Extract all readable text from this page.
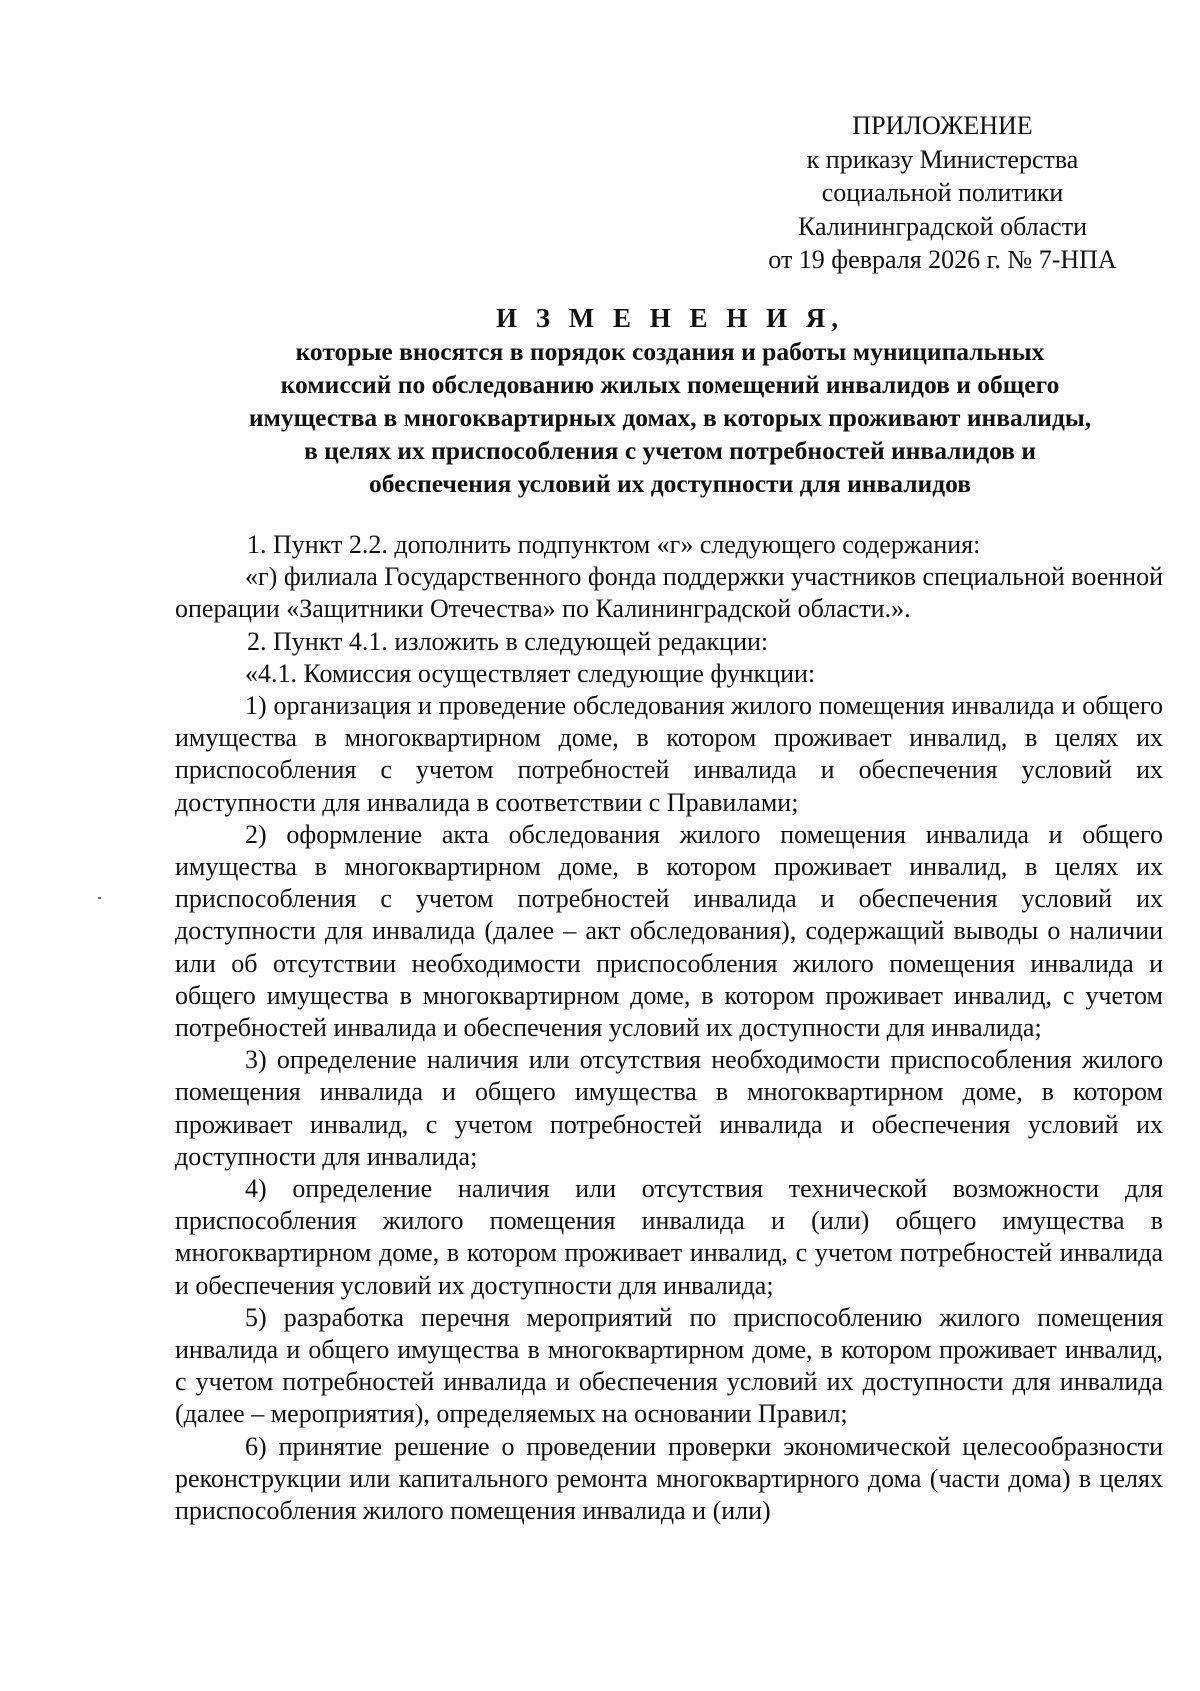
ПРИЛОЖЕНИЕ
к приказу Министерства
социальной политики
Калининградской области
от 19 февраля 2026 г. № 7-НПА
И З М Е Н Е Н И Я,
которые вносятся в порядок создания и работы муниципальных
комиссий по обследованию жилых помещений инвалидов и общего
имущества в многоквартирных домах, в которых проживают инвалиды,
в целях их приспособления с учетом потребностей инвалидов и
обеспечения условий их доступности для инвалидов

1. Пункт 2.2. дополнить подпунктом «г» следующего содержания:

«г) филиала Государственного фонда поддержки участников специальной военной операции «Защитники Отечества» по Калининградской области.».

2. Пункт 4.1. изложить в следующей редакции:

«4.1. Комиссия осуществляет следующие функции:

1) организация и проведение обследования жилого помещения инвалида и общего имущества в многоквартирном доме, в котором проживает инвалид, в целях их приспособления с учетом потребностей инвалида и обеспечения условий их доступности для инвалида в соответствии с Правилами;

2) оформление акта обследования жилого помещения инвалида и общего имущества в многоквартирном доме, в котором проживает инвалид, в целях их приспособления с учетом потребностей инвалида и обеспечения условий их доступности для инвалида (далее – акт обследования), содержащий выводы о наличии или об отсутствии необходимости приспособления жилого помещения инвалида и общего имущества в многоквартирном доме, в котором проживает инвалид, с учетом потребностей инвалида и обеспечения условий их доступности для инвалида;

3) определение наличия или отсутствия необходимости приспособления жилого помещения инвалида и общего имущества в многоквартирном доме, в котором проживает инвалид, с учетом потребностей инвалида и обеспечения условий их доступности для инвалида;

4) определение наличия или отсутствия технической возможности для приспособления жилого помещения инвалида и (или) общего имущества в многоквартирном доме, в котором проживает инвалид, с учетом потребностей инвалида и обеспечения условий их доступности для инвалида;

5) разработка перечня мероприятий по приспособлению жилого помещения инвалида и общего имущества в многоквартирном доме, в котором проживает инвалид, с учетом потребностей инвалида и обеспечения условий их доступности для инвалида (далее – мероприятия), определяемых на основании Правил;

6) принятие решение о проведении проверки экономической целесообразности реконструкции или капитального ремонта многоквартирного дома (части дома) в целях приспособления жилого помещения инвалида и (или)
